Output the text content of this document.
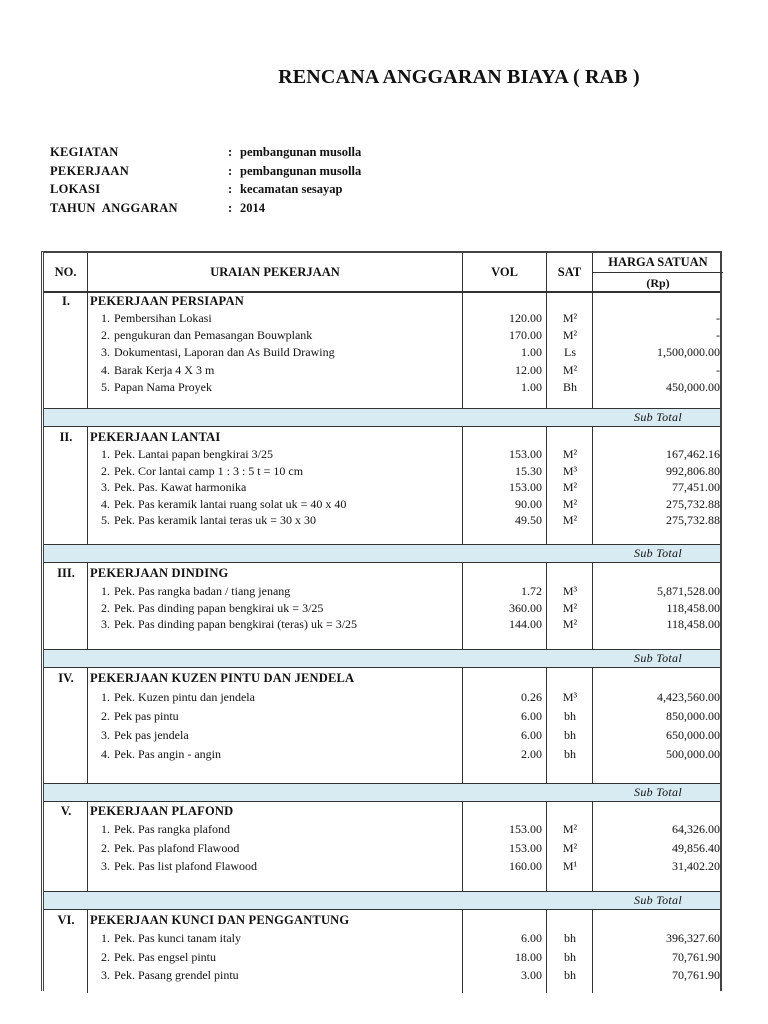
RENCANA ANGGARAN BIAYA ( RAB )
KEGIATAN	: pembangunan musolla
PEKERJAAN	: pembangunan musolla
LOKASI	: kecamatan sesayap
TAHUN  ANGGARAN	: 2014
NO.	URAIAN PEKERJAAN	VOL	SAT
HARGA SATUAN
(Rp)
I.	PEKERJAAN PERSIAPAN
1. Pembersihan Lokasi	120.00	M²	-
2. pengukuran dan Pemasangan Bouwplank	170.00	M²	-
3. Dokumentasi, Laporan dan As Build Drawing	1.00	Ls	1,500,000.00
4. Barak Kerja 4 X 3 m	12.00	M²	-
5. Papan Nama Proyek	1.00	Bh	450,000.00
Sub Total
II.	PEKERJAAN LANTAI
1. Pek. Lantai papan bengkirai 3/25	153.00	M²	167,462.16
2. Pek. Cor lantai camp 1 : 3 : 5 t = 10 cm	15.30	M³	992,806.80
3. Pek. Pas. Kawat harmonika	153.00	M²	77,451.00
4. Pek. Pas keramik lantai ruang solat uk = 40 x 40	90.00	M²	275,732.88
5. Pek. Pas keramik lantai teras uk = 30 x 30	49.50	M²	275,732.88
Sub Total
III.	PEKERJAAN DINDING
1. Pek. Pas rangka badan / tiang jenang	1.72	M³	5,871,528.00
2. Pek. Pas dinding papan bengkirai uk = 3/25	360.00	M²	118,458.00
3. Pek. Pas dinding papan bengkirai (teras) uk = 3/25	144.00	M²	118,458.00
Sub Total
IV.	PEKERJAAN KUZEN PINTU DAN JENDELA
1. Pek. Kuzen pintu dan jendela	0.26	M³	4,423,560.00
2. Pek pas pintu	6.00	bh	850,000.00
3. Pek pas jendela	6.00	bh	650,000.00
4. Pek. Pas angin - angin	2.00	bh	500,000.00
Sub Total
V.	PEKERJAAN PLAFOND
1. Pek. Pas rangka plafond	153.00	M²	64,326.00
2. Pek. Pas plafond Flawood	153.00	M²	49,856.40
3. Pek. Pas list plafond Flawood	160.00	M¹	31,402.20
Sub Total
VI.	PEKERJAAN KUNCI DAN PENGGANTUNG
1. Pek. Pas kunci tanam italy	6.00	bh	396,327.60
2. Pek. Pas engsel pintu	18.00	bh	70,761.90
3. Pek. Pasang grendel pintu	3.00	bh	70,761.90
